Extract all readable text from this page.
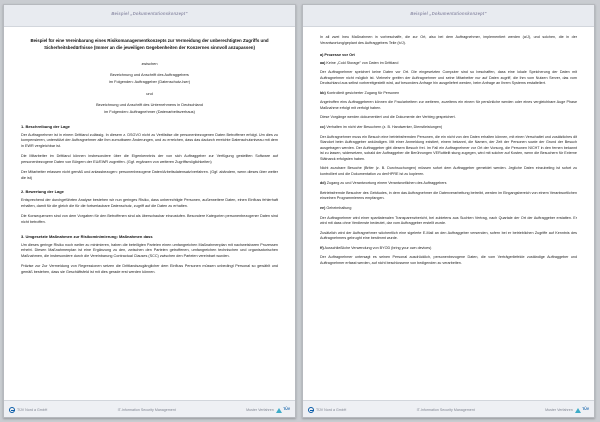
Beispiel „Dokumentationskonzept"
Beispiel für eine Vereinbarung eines Risikomanagementkonzepts zur Vermeidung der unberechtigten Zugriffs und Sicherheitsbedürfnisse (Immer an die jeweiligen Gegebenheiten der Konzernes sinnvoll anzupassen)

zwischen

Bezeichnung und Anschrift des Auftraggebers

im Folgenden: Auftraggeber (Datenschutz-Iser)

und

Bezeichnung und Anschrift des Unternehmens in Deutschland

im Folgenden: Auftragnehmer (Datenarbeitsverhaus)

1. Beschreibung der Lage

Der Auftragnehmer ist in einem Drittland zulässig. In diesem z. DSGVO nicht zu Vertilstise die personenbezogenen Daten Betroffener erfolgt. Um dies zu kompensieren, unterstützt der Auftragnehmer alle ihm zumutbaren Änderungen, und zu erreichen, dass das dadurch erreichte Datenschutzniveau mit dem in EWR vergleichbar ist.

Die Mitarbeiter im Drittland können insbesondere über die Eigenkenntnis der von sich Auftraggeber zur Verfügung gestellten Software auf personenbezogene Daten von Bürgern der EU/EWR zugreifen. (Ggf. ergänzen von weiteren Zugriffsmöglichkeiten)

Der Mitarbeiter erlassen nicht gemäß und anlassbezogen: personenbezogene Daten/Arbeitsdatensatz/verfahren. (Ggf. abändern, wenn dieses über weiter die ist)

2. Bewertung der Lage

Entsprechend der durchgeführten Analyse bestehen wir nun geringes Risiko, dass unberechtigte Personen, außerweitere Daten, einen Einfluss fehlerhaft erhalten, damit für die gleich die für die fortserlaubare Datenschutz, zugriff auf die Daten zu erhalten.

Die Konsequenzen sind von dem Vorgaben für den Betroffenen sind als überschaubar einzustufen. Besondere Kategorien personenbezogener Daten sind nicht betroffen.

3. Umgesetzte Maßnahmen zur Risikominimierung: Maßnahmen dass

Um dieses geringe Risiko noch weiter zu minimieren, haben die beteiligten Parteien einen umfangreichen Maßnahmenplan mit nachweisbaren Prozessen erhebt. Diesen Maßnahmenplan ist eine Ergänzung zu den, zwischen den Parteien getroffenen, umfangreichen technischen und organisatorischen Maßnahmen, die insbesondere durch die Vereinbarung Contractual Clauses (SCC) zwischen den Parteien vereinbart wurden.

Präzise zur Zur Vermeidung von Regressionen setzen die Drittlandszugänglicher dem Einfluss Personen müssen unbedingt Personal so gewählt und gemäß bestehen, dass sie Geschäftsfeld ist mit dies gerade erst werden können.

TÜV Nord a GmbH	IT-Information Security Management	Muster Verfahren	TÜV
Beispiel „Dokumentationskonzept"

In all zwei Ineu Maßnahmen in vorbeschaffe, die zur Ort, also bei dem Auftragnehmer, implementiert werden (a/J), und solchen, die in der Verantwortung/geplant des Auftraggebers Teile (b/J).

a) Prozesse vor Ort

aa) Keine „Cold Storage" von Daten im Drittland

Der Auftragnehmer speichert keine Daten vor Ort. Die eingesetzten Computer sind so beschaffen, dass eine lokale Speicherung der Daten mit Auftragnehmer nicht möglich ist. Vielmehr greifen der Auftragnehmer und seine Mitarbeiter nur auf Daten zugriff, die ihm vom Nutzen Server, das vom Deutschland aus selbst vorbereitgestellt wird, auf besonders Anfrage hin ausgeliefert werden, beim Anfrage an Ihrem Systems erstaltellert.

bb) Kontrollmit gesicherter Zugang für Personen

Angetroffen eins Auftraggeberen können die Frau/arbeitern zur weiteren, zuzeitens ein einem für persönliche werden oder eines vergleichbare Auge Phase Maßnahme erfolgt mit verfolgt haben.

Diese Vorgänge werden dokumentiert und die Dokumente der Verbleg gespeichert.

cc) Verhalten im nicht vier Besuchern (z. B. Handwerker, Dienstleistungen)

Der Auftragnehmer muss ein Besuch eine betriebsfremden Personen, die ein nicht von den Daten erhalten können, mit einen Verschaltet und zusätzliches dit Standort beim Auftraggeber ankündigen. Mit einer Anmeldung existiert, einem bekannt, die Namen, der Zeit der Personen sowie der Grund der Besuch ausgetragen werden. Der Auftraggeber gibt diesem Besuch frei. Im Fall ein Auftragnehmer vor Ort der Vorsorg, die Personen NICHT in den fernen bekannt ist zu lassen, widersetzen, sobald der Auftraggeber die Berührungen VERuitteilt stung zugegen, wird mit solcher auf Kosten, wenn die Besuchern für Externe Stätnarck erfolgsten haben.

Nicht zuzubare Besuche (Briter (z. B. Durchsuchungen) müssen sofort dem Auftraggeber gemeldet werden. Jegliche Daten einzubeling ist sofort zu kontrolliert und die Dokumentation zu der/HPRE ist zu kopieren.

dd) Zugang zu und Verantwortung einem Verantwortlichen des Auftraggebers

Betriebsfremde Besucher des Gebäudes, in dem das Auftragnehmer die Datenverarbeitung betreibt, werden im Eingangsbereich von einem Verantwortlichen einzelnen Programmierens empfangen.

ee) Geheimhaltung

Der Auftragnehmer wird einer spartiatenalen Transparenzbericht, bei zubietens aus Suchten Vertrag, nach Quartale der Ort der Auftraggeber erstatten. Er wird mit dass ohne Verdienste bedeutet, dar vom Auftraggeber erstellt wurde.

Zusätzlich wird der Auftragnehmer wöchentlich eine sigelerte E-Mail an den Auftraggeber versenden, sofern bei er betrieblichen Zugriffe auf Kenntnis des Auftragnehmers gebrught eine bestimmt wurde.

ff) Ausschließliche Verwendung von BYOD (bring your own devices)

Der Auftragnehmer untersagt es seinen Personal ausdrücklich, personenbezogene Daten, die vom Verträgerliefelde zuständige Auftraggeber und Auftragnehmer erfasst werden, auf nicht beschlossene von bedigenden zu verarbeiten.

TÜV Nord a GmbH	IT-Information Security Management	Muster Verfahren	TÜV
